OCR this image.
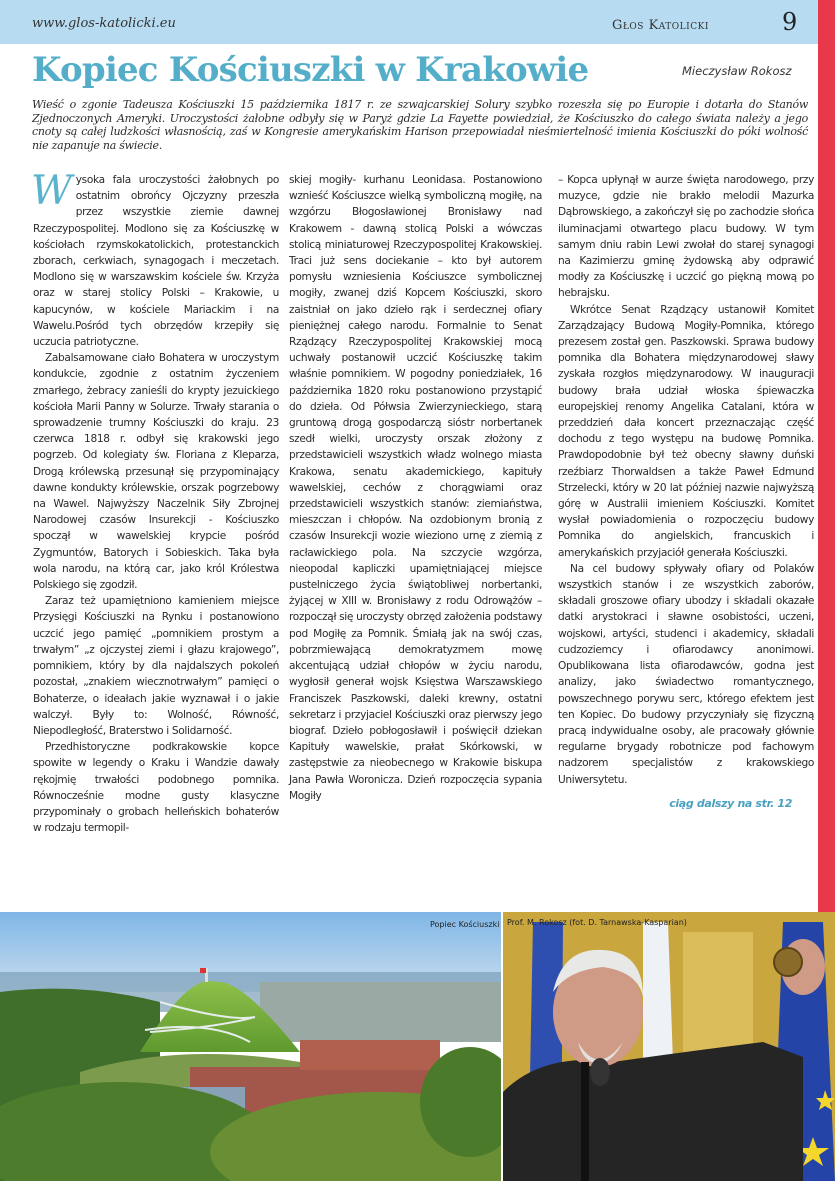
www.glos-katolicki.eu	Głos Katolicki	9
Kopiec Kościuszki w Krakowie	Mieczysław Rokosz
Wieść o zgonie Tadeusza Kościuszki 15 października 1817 r. ze szwajcarskiej Solury szybko rozeszła się po Europie i dotarła do Stanów Zjednoczonych Ameryki. Uroczystości żałobne odbyły się w Paryż gdzie La Fayette powiedział, że Kościuszko do całego świata należy a jego cnoty są całej ludzkości własnością, zaś w Kongresie amerykańskim Harison przepowiadał nieśmiertelność imienia Kościuszki do póki wolność nie zapanuje na świecie.

Wysoka fala uroczystości żałobnych po ostatnim obrońcy Ojczyzny przeszła przez wszystkie ziemie dawnej Rzeczypospolitej. Modlono się za Kościuszkę w kościołach rzymskokatolickich, protestanckich zborach, cerkwiach, synagogach i meczetach. Modlono się w warszawskim kościele św. Krzyża oraz w starej stolicy Polski – Krakowie, u kapucynów, w kościele Mariackim i na Wawelu.Pośród tych obrzędów krzepiły się uczucia patriotyczne.

Zabalsamowane ciało Bohatera w uroczystym kondukcie, zgodnie z ostatnim życzeniem zmarłego, żebracy zanieśli do krypty jezuickiego kościoła Marii Panny w Solurze. Trwały starania o sprowadzenie trumny Kościuszki do kraju. 23 czerwca 1818 r. odbył się krakowski jego pogrzeb. Od kolegiaty św. Floriana z Kleparza, Drogą królewską przesunął się przypominający dawne kondukty królewskie, orszak pogrzebowy na Wawel. Najwyższy Naczelnik Siły Zbrojnej Narodowej czasów Insurekcji - Kościuszko spoczął w wawelskiej krypcie pośród Zygmuntów, Batorych i Sobieskich. Taka była wola narodu, na którą car, jako król Królestwa Polskiego się zgodził.

Zaraz też upamiętniono kamieniem miejsce Przysięgi Kościuszki na Rynku i postanowiono uczcić jego pamięć „pomnikiem prostym a trwałym” „z ojczystej ziemi i głazu krajowego”, pomnikiem, który by dla najdalszych pokoleń pozostał, „znakiem wiecznotrwałym” pamięci o Bohaterze, o ideałach jakie wyznawał i o jakie walczył. Były to: Wolność, Równość, Niepodległość, Braterstwo i Solidarność.

Przedhistoryczne podkrakowskie kopce spowite w legendy o Kraku i Wandzie dawały rękojmię trwałości podobnego pomnika. Równocześnie modne gusty klasyczne przypominały o grobach helleńskich bohaterów w rodzaju termopil-

skiej mogiły- kurhanu Leonidasa. Postanowiono wznieść Kościuszce wielką symboliczną mogiłę, na wzgórzu Błogosławionej Bronisławy nad Krakowem - dawną stolicą Polski a wówczas stolicą miniaturowej Rzeczypospolitej Krakowskiej. Traci już sens dociekanie – kto był autorem pomysłu wzniesienia Kościuszce symbolicznej mogiły, zwanej dziś Kopcem Kościuszki, skoro zaistniał on jako dzieło rąk i serdecznej ofiary pieniężnej całego narodu. Formalnie to Senat Rządzący Rzeczypospolitej Krakowskiej mocą uchwały postanowił uczcić Kościuszkę takim właśnie pomnikiem. W pogodny poniedziałek, 16 października 1820 roku postanowiono przystąpić do dzieła. Od Półwsia Zwierzynieckiego, starą gruntową drogą gospodarczą sióstr norbertanek szedł wielki, uroczysty orszak złożony z przedstawicieli wszystkich władz wolnego miasta Krakowa, senatu akademickiego, kapituły wawelskiej, cechów z chorągwiami oraz przedstawicieli wszystkich stanów: ziemiaństwa, mieszczan i chłopów. Na ozdobionym bronią z czasów Insurekcji wozie wieziono urnę z ziemią z racławickiego pola. Na szczycie wzgórza, nieopodal kapliczki upamiętniającej miejsce pustelniczego życia świątobliwej norbertanki, żyjącej w XIII w. Bronisławy z rodu Odrowążów – rozpoczął się uroczysty obrzęd założenia podstawy pod Mogiłę za Pomnik. Śmiałą jak na swój czas, pobrzmiewającą demokratyzmem mowę akcentującą udział chłopów w życiu narodu, wygłosił generał wojsk Księstwa Warszawskiego Franciszek Paszkowski, daleki krewny, ostatni sekretarz i przyjaciel Kościuszki oraz pierwszy jego biograf. Dzieło pobłogosławił i poświęcił dziekan Kapituły wawelskie, prałat Skórkowski, w zastępstwie za nieobecnego w Krakowie biskupa Jana Pawła Woronicza. Dzień rozpoczęcia sypania Mogiły

– Kopca upłynął w aurze święta narodowego, przy muzyce, gdzie nie brakło melodii Mazurka Dąbrowskiego, a zakończył się po zachodzie słońca iluminacjami otwartego placu budowy. W tym samym dniu rabin Lewi zwołał do starej synagogi na Kazimierzu gminę żydowską aby odprawić modły za Kościuszkę i uczcić go piękną mową po hebrajsku.

Wkrótce Senat Rządzący ustanowił Komitet Zarządzający Budową Mogiły-Pomnika, którego prezesem został gen. Paszkowski. Sprawa budowy pomnika dla Bohatera międzynarodowej sławy zyskała rozgłos międzynarodowy. W inauguracji budowy brała udział włoska śpiewaczka europejskiej renomy Angelika Catalani, która w przeddzień dała koncert przeznaczając część dochodu z tego występu na budowę Pomnika. Prawdopodobnie był też obecny sławny duński rzeźbiarz Thorwaldsen a także Paweł Edmund Strzelecki, który w 20 lat później nazwie najwyższą górę w Australii imieniem Kościuszki. Komitet wysłał powiadomienia o rozpoczęciu budowy Pomnika do angielskich, francuskich i amerykańskich przyjaciół generała Kościuszki.

Na cel budowy spływały ofiary od Polaków wszystkich stanów i ze wszystkich zaborów, składali groszowe ofiary ubodzy i składali okazałe datki arystokraci i sławne osobistości, uczeni, wojskowi, artyści, studenci i akademicy, składali cudzoziemcy i ofiarodawcy anonimowi. Opublikowana lista ofiarodawców, godna jest analizy, jako świadectwo romantycznego, powszechnego porywu serc, którego efektem jest ten Kopiec. Do budowy przyczyniały się fizyczną pracą indywidualne osoby, ale pracowały głównie regularne brygady robotnicze pod fachowym nadzorem specjalistów z krakowskiego Uniwersytetu.

ciąg dalszy na str. 12
Popiec Kościuszki Prof. M. Rokosz (fot. D. Tarnawska-Kasparian)
